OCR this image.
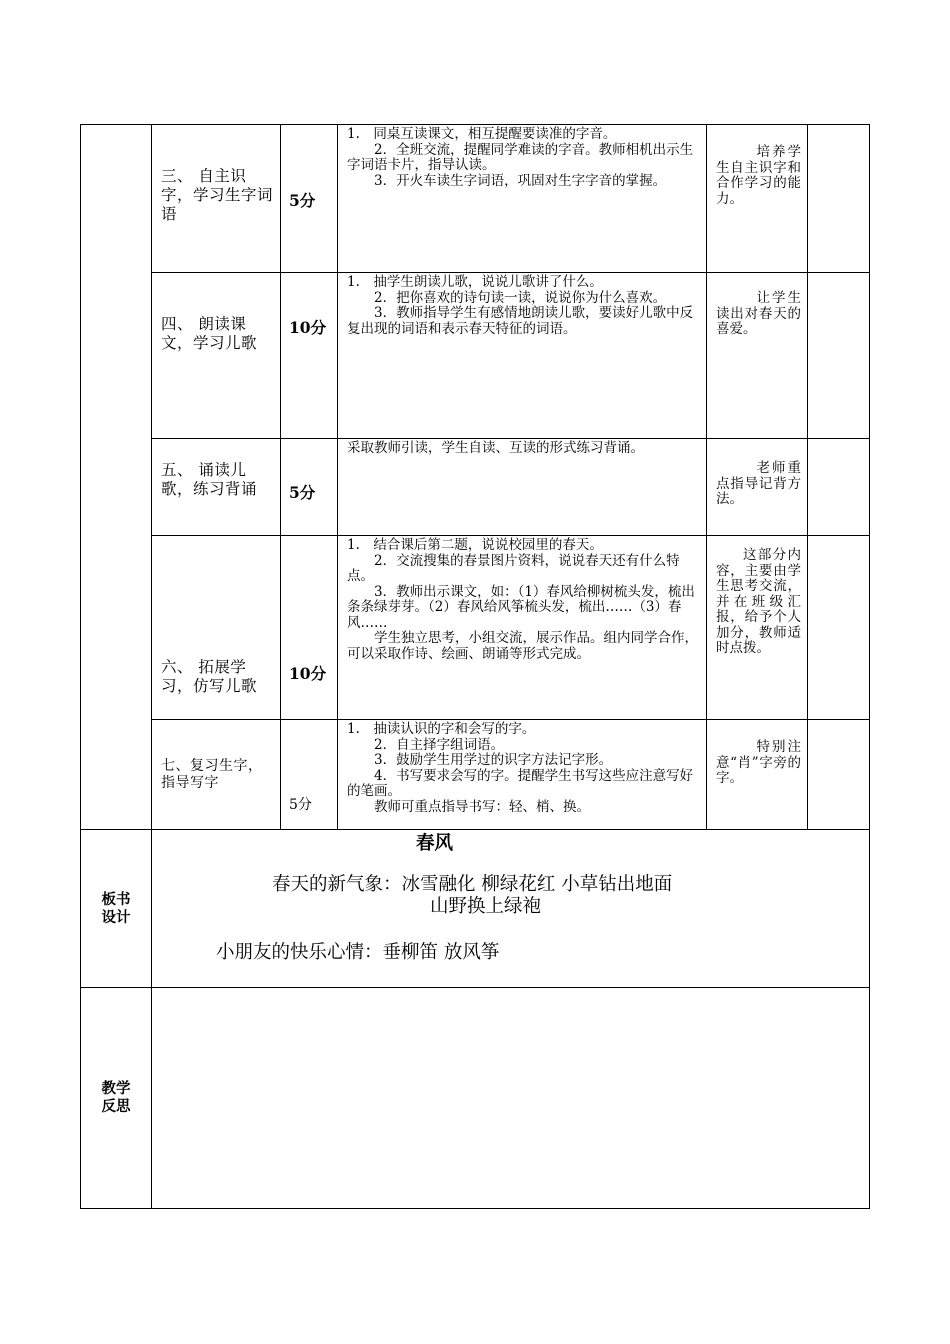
	三、 自主识字，学习生字词语	5分	1.　同桌互读课文，相互提醒要读准的字音。

2．全班交流，提醒同学难读的字音。教师相机出示生字词语卡片，指导认读。

3．开火车读生字词语，巩固对生字字音的掌握。	培养学生自主识字和合作学习的能力。	

	四、 朗读课文，学习儿歌	10分	1.　抽学生朗读儿歌，说说儿歌讲了什么。

2．把你喜欢的诗句读一读，说说你为什么喜欢。

3．教师指导学生有感情地朗读儿歌，要读好儿歌中反复出现的词语和表示春天特征的词语。	让学生读出对春天的喜爱。	

	五、 诵读儿歌，练习背诵	5分	采取教师引读，学生自读、互读的形式练习背诵。	老师重点指导记背方法。	

	六、 拓展学习，仿写儿歌	10分	1.　结合课后第二题，说说校园里的春天。

2．交流搜集的春景图片资料，说说春天还有什么特点。

3．教师出示课文，如：（1）春风给柳树梳头发，梳出条条绿芽芽。（2）春风给风筝梳头发，梳出……（3）春风……

学生独立思考，小组交流，展示作品。组内同学合作，可以采取作诗、绘画、朗诵等形式完成。	这部分内容，主要由学生思考交流，并在班级汇报，给予个人加分，教师适时点拨。	

	七、复习生字，指导写字	5分	1.　抽读认识的字和会写的字。

2．自主择字组词语。

3．鼓励学生用学过的识字方法记字形。

4．书写要求会写的字。提醒学生书写这些应注意写好的笔画。

教师可重点指导书写：轻、梢、换。	特别注意“肖”字旁的字。	

板书设计	春风
春天的新气象：冰雪融化 柳绿花红 小草钻出地面
山野换上绿袍
小朋友的快乐心情：垂柳笛 放风筝				

教学反思					
